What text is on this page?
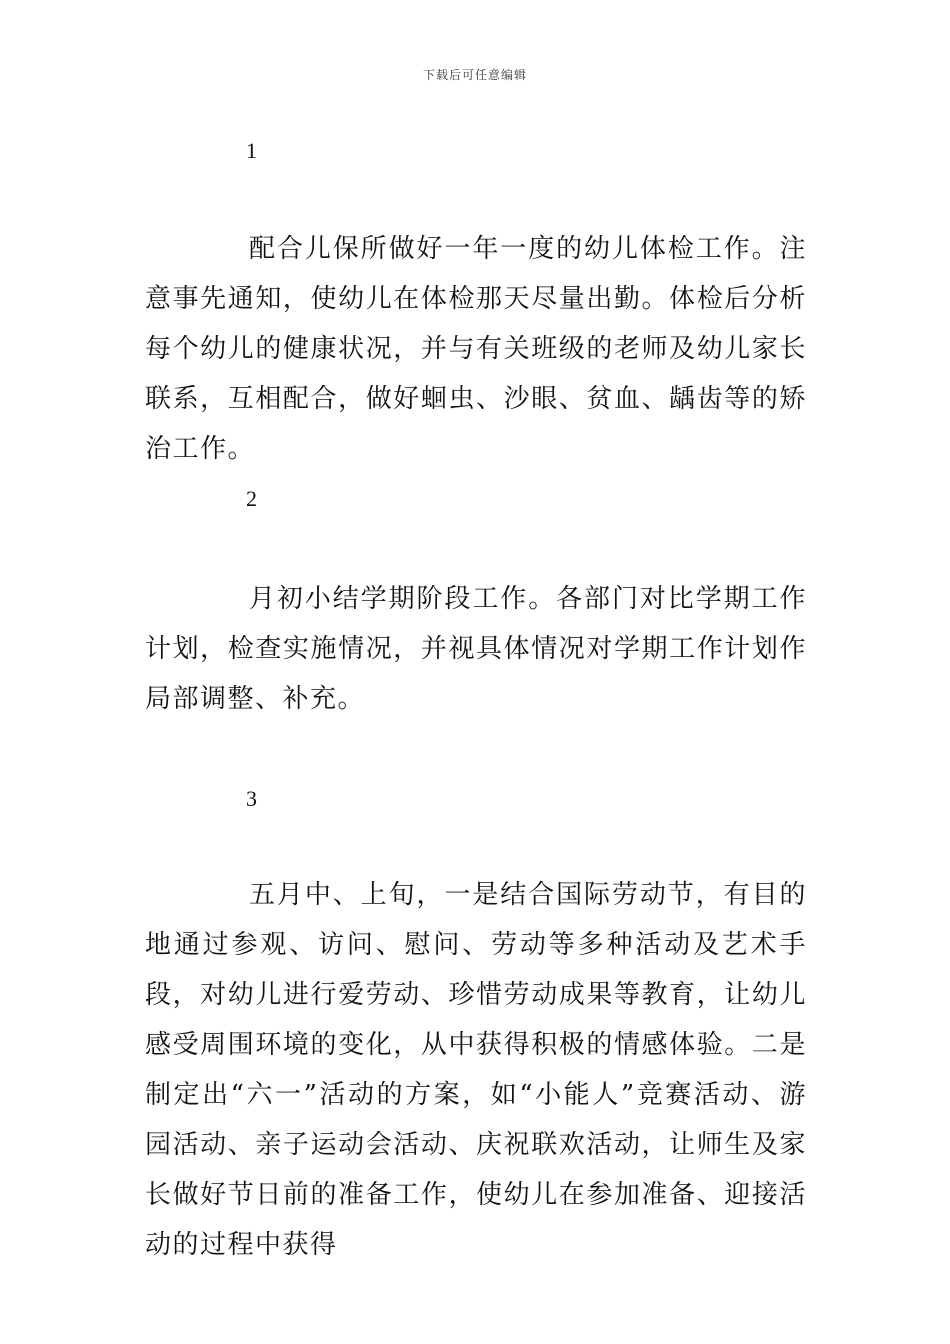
下载后可任意编辑
1

配合儿保所做好一年一度的幼儿体检工作。注意事先通知，使幼儿在体检那天尽量出勤。体检后分析每个幼儿的健康状况，并与有关班级的老师及幼儿家长联系，互相配合，做好蛔虫、沙眼、贫血、龋齿等的矫治工作。

2

月初小结学期阶段工作。各部门对比学期工作计划，检查实施情况，并视具体情况对学期工作计划作局部调整、补充。

3

五月中、上旬，一是结合国际劳动节，有目的地通过参观、访问、慰问、劳动等多种活动及艺术手段，对幼儿进行爱劳动、珍惜劳动成果等教育，让幼儿感受周围环境的变化，从中获得积极的情感体验。二是制定出“六一”活动的方案，如“小能人”竞赛活动、游园活动、亲子运动会活动、庆祝联欢活动，让师生及家长做好节日前的准备工作，使幼儿在参加准备、迎接活动的过程中获得
